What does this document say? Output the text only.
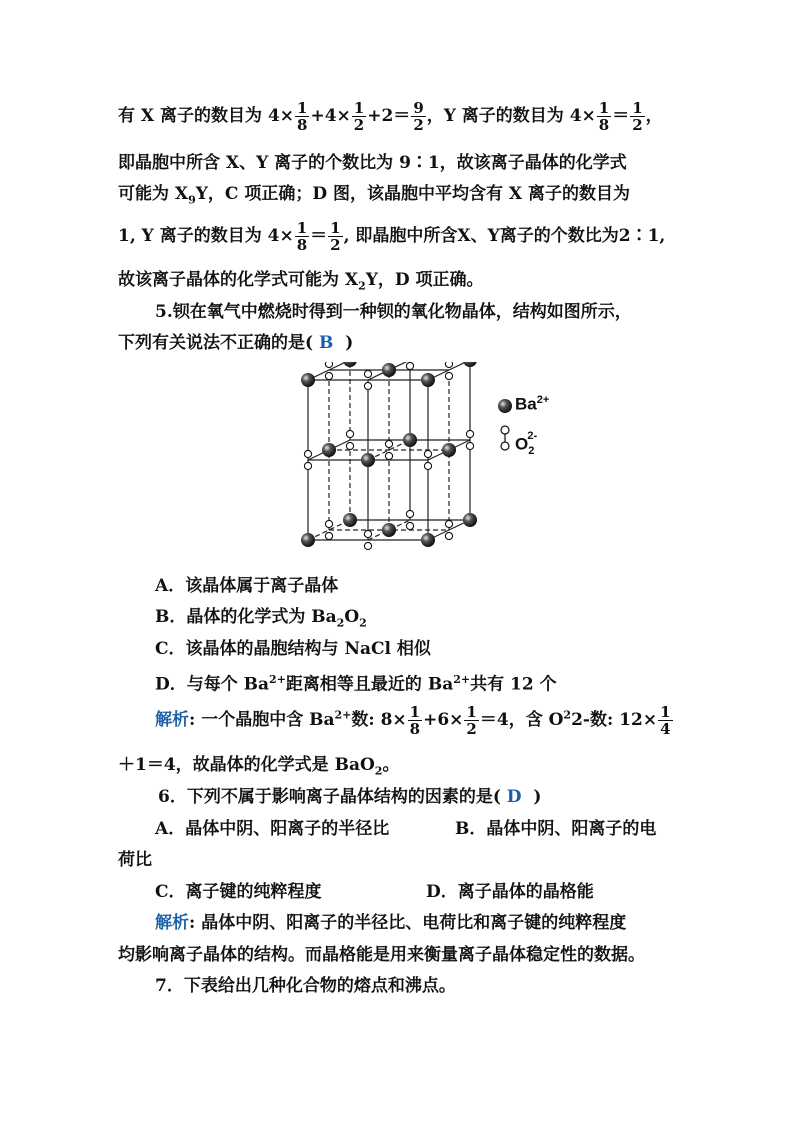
有 X 离子的数目为 $4\times \frac{1}{8} +4\times \frac{1}{2} +2= \frac{9}{2}$ ，Y 离子的数目为 $4\times \frac{1}{8} = \frac{1}{2}$ ，
即晶胞中所含 X、Y 离子的个数比为 9∶1，故该离子晶体的化学式
可能为 $X_9Y$，C 项正确；D 图，该晶胞中平均含有 X 离子的数目为
1, Y 离子的数目为 $4\times \frac{1}{8} = \frac{1}{2}$ , 即晶胞中所含X、Y离子的个数比为2∶1,
故该离子晶体的化学式可能为 $X_2Y$，D 项正确。
5.钡在氧气中燃烧时得到一种钡的氧化物晶体，结构如图所示，
下列有关说法不正确的是( B )
$Ba^{2+}$
$O_2^{2-}$
A．该晶体属于离子晶体
B．晶体的化学式为 $Ba_2O_2$
C．该晶体的晶胞结构与 NaCl 相似
D．与每个 $Ba^{2+}$距离相等且最近的 $Ba^{2+}$共有 12 个
解析: 一个晶胞中含 $Ba^{2+}$数: $8\times \frac{1}{8} +6\times \frac{1}{2} =4$，含 $O^22-$数: $12\times \frac{1}{4}$
＋1＝4，故晶体的化学式是 BaO$_2$。
6．下列不属于影响离子晶体结构的因素的是( D )
A．晶体中阴、阳离子的半径比	B．晶体中阴、阳离子的电
荷比
C．离子键的纯粹程度	D．离子晶体的晶格能
解析: 晶体中阴、阳离子的半径比、电荷比和离子键的纯粹程度
均影响离子晶体的结构。而晶格能是用来衡量离子晶体稳定性的数据。
7．下表给出几种化合物的熔点和沸点。
